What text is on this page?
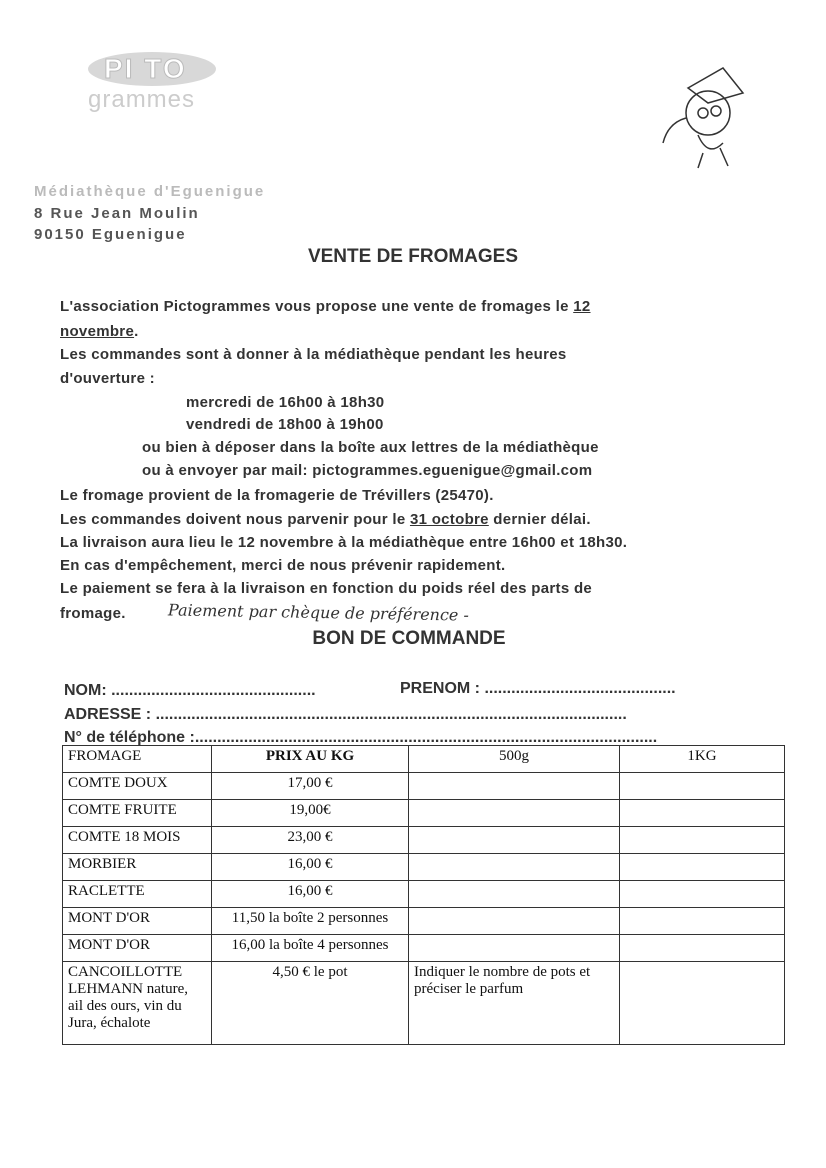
PI TO
grammes
Médiathèque d'Eguenigue
8 Rue Jean Moulin
90150 Eguenigue
VENTE DE FROMAGES
L'association Pictogrammes vous propose une vente de fromages le 12
novembre.
Les commandes sont à donner à la médiathèque pendant les heures
d'ouverture :
mercredi de 16h00 à 18h30
vendredi de 18h00 à 19h00
ou bien à déposer dans la boîte aux lettres de la médiathèque
ou à envoyer par mail: pictogrammes.eguenigue@gmail.com
Le fromage provient de la fromagerie de Trévillers (25470).
Les commandes doivent nous parvenir pour le 31 octobre dernier délai.
La livraison aura lieu le 12 novembre à la médiathèque entre 16h00 et 18h30.
En cas d'empêchement, merci de nous prévenir rapidement.
Le paiement se fera à la livraison en fonction du poids réel des parts de
fromage.	Paiement par chèque de préférence -
BON DE COMMANDE
NOM: ..............................................	PRENOM : ...........................................
ADRESSE : ..........................................................................................................
N° de téléphone :........................................................................................................
FROMAGE	PRIX AU KG	500g	1KG
COMTE DOUX	17,00 €		
COMTE FRUITE	19,00€		
COMTE 18 MOIS	23,00 €		
MORBIER	16,00 €		
RACLETTE	16,00 €		
MONT D'OR	11,50 la boîte 2 personnes		
MONT D'OR	16,00 la boîte 4 personnes		
CANCOILLOTTE LEHMANN nature, ail des ours, vin du Jura, échalote	4,50 € le pot	Indiquer le nombre de pots et préciser le parfum	
